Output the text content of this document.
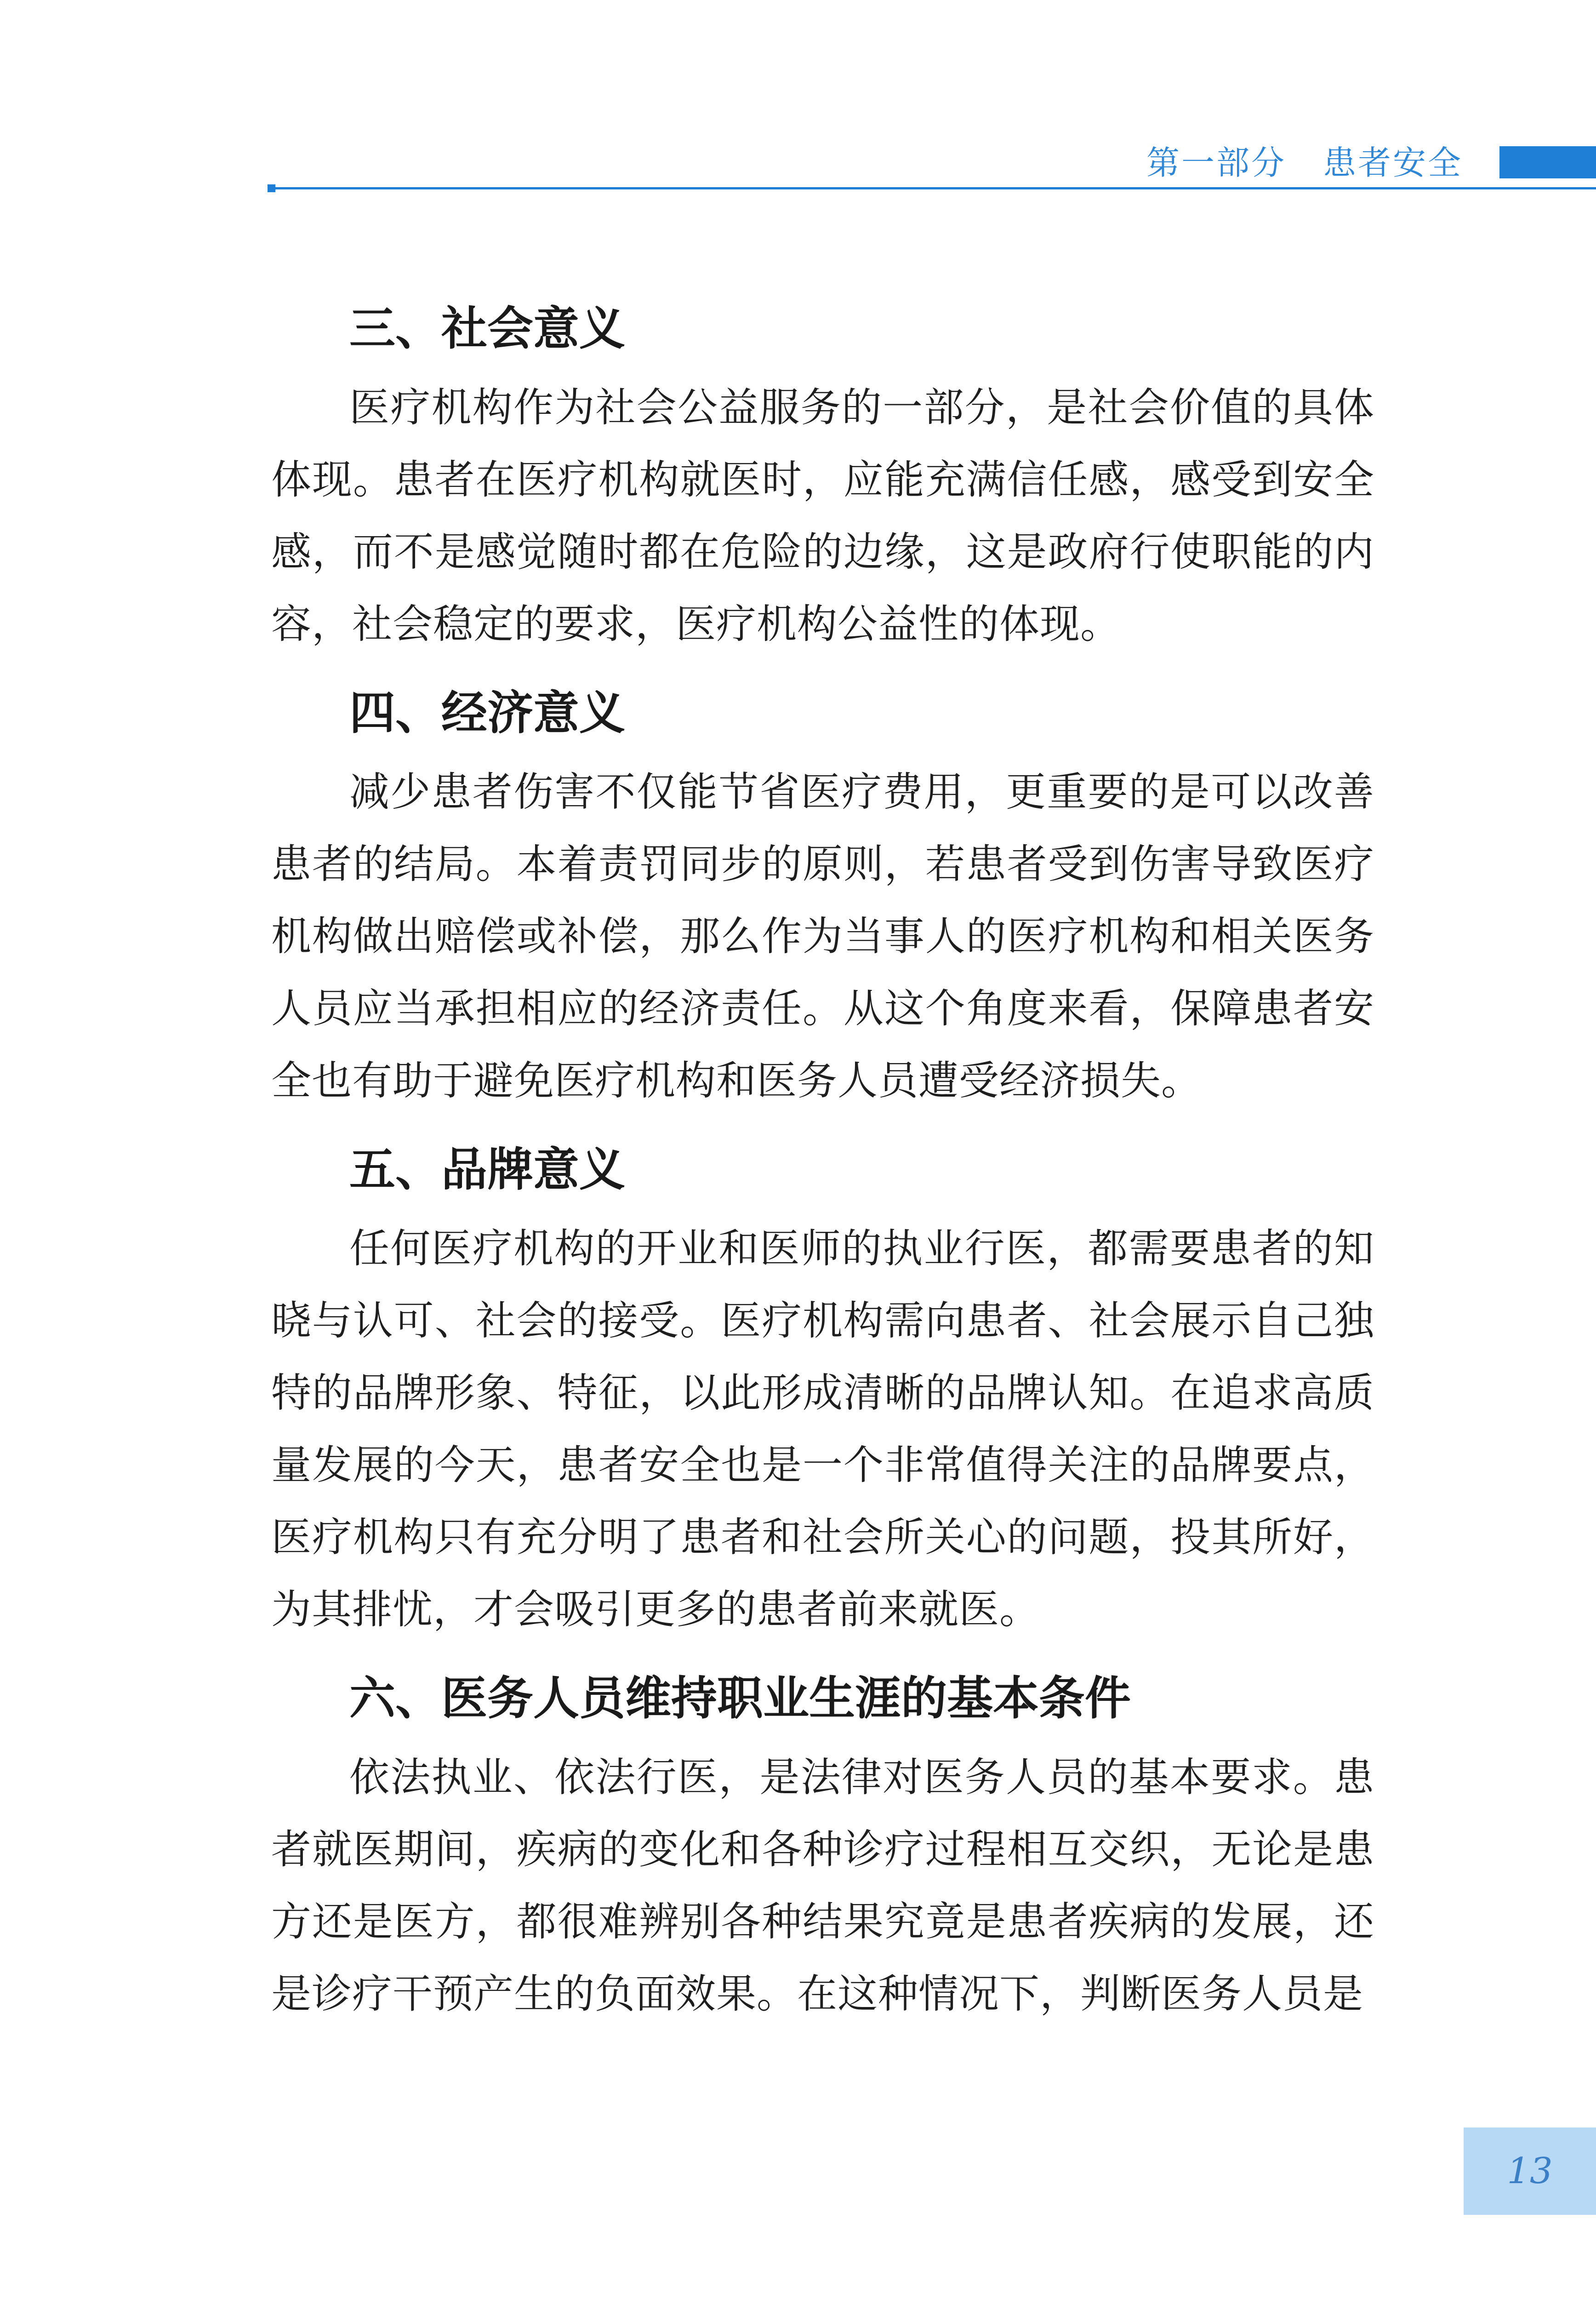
第一部分 患者安全
三、社会意义

医疗机构作为社会公益服务的一部分，是社会价值的具体体现。患者在医疗机构就医时，应能充满信任感，感受到安全感，而不是感觉随时都在危险的边缘，这是政府行使职能的内容，社会稳定的要求，医疗机构公益性的体现。

四、经济意义

减少患者伤害不仅能节省医疗费用，更重要的是可以改善患者的结局。本着责罚同步的原则，若患者受到伤害导致医疗机构做出赔偿或补偿，那么作为当事人的医疗机构和相关医务人员应当承担相应的经济责任。从这个角度来看，保障患者安全也有助于避免医疗机构和医务人员遭受经济损失。

五、品牌意义

任何医疗机构的开业和医师的执业行医，都需要患者的知晓与认可、社会的接受。医疗机构需向患者、社会展示自己独特的品牌形象、特征，以此形成清晰的品牌认知。在追求高质量发展的今天，患者安全也是一个非常值得关注的品牌要点，医疗机构只有充分明了患者和社会所关心的问题，投其所好，为其排忧，才会吸引更多的患者前来就医。

六、医务人员维持职业生涯的基本条件

依法执业、依法行医，是法律对医务人员的基本要求。患者就医期间，疾病的变化和各种诊疗过程相互交织，无论是患方还是医方，都很难辨别各种结果究竟是患者疾病的发展，还是诊疗干预产生的负面效果。在这种情况下，判断医务人员是

13
